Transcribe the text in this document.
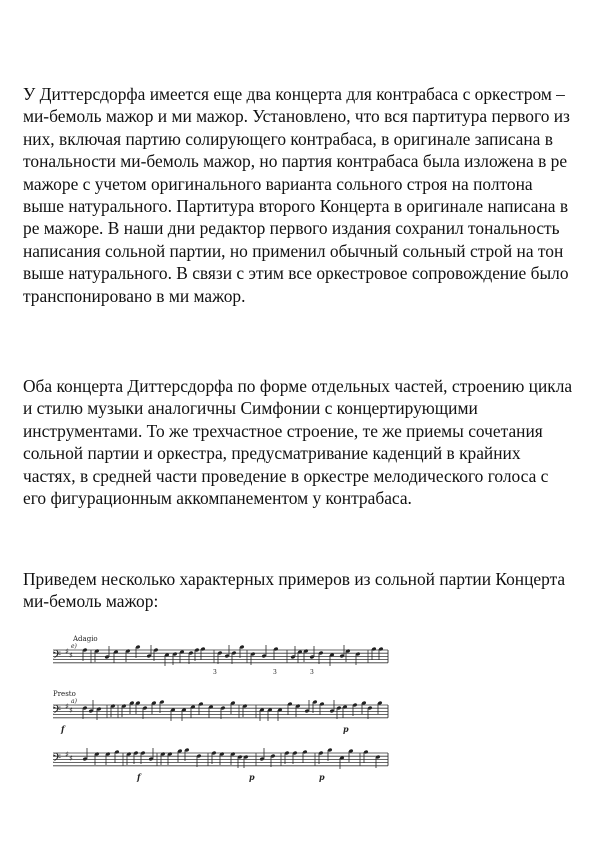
У Диттерсдорфа имеется еще два концерта для контрабаса с оркестром – ми-бемоль мажор и ми мажор. Установлено, что вся партитура первого из них, включая партию солирующего контрабаса, в оригинале записана в тональности ми-бемоль мажор, но партия контрабаса была изложена в ре мажоре с учетом оригинального варианта сольного строя на полтона выше натурального. Партитура второго Концерта в оригинале написана в ре мажоре. В наши дни редактор первого издания сохранил тональность написания сольной партии, но применил обычный сольный строй на тон выше натурального. В связи с этим все оркестровое сопровождение было транспонировано в ми мажор.

Оба концерта Диттерсдорфа по форме отдельных частей, строению цикла и стилю музыки аналогичны Симфонии с концертирующими инструментами. То же трехчастное строение, те же приемы сочетания сольной партии и оркестра, предусматривание каденций в крайних частях, в средней части проведение в оркестре мелодического голоса с его фигурационным аккомпанементом у контрабаса.

Приведем несколько характерных примеров из сольной партии Концерта ми-бемоль мажор:

𝄢 ♯ ♯
Adagio
e)
3	3	3
𝄢 ♯ ♯
Presto
a)
f	p
𝄢 ♯ ♯
f	p	p
